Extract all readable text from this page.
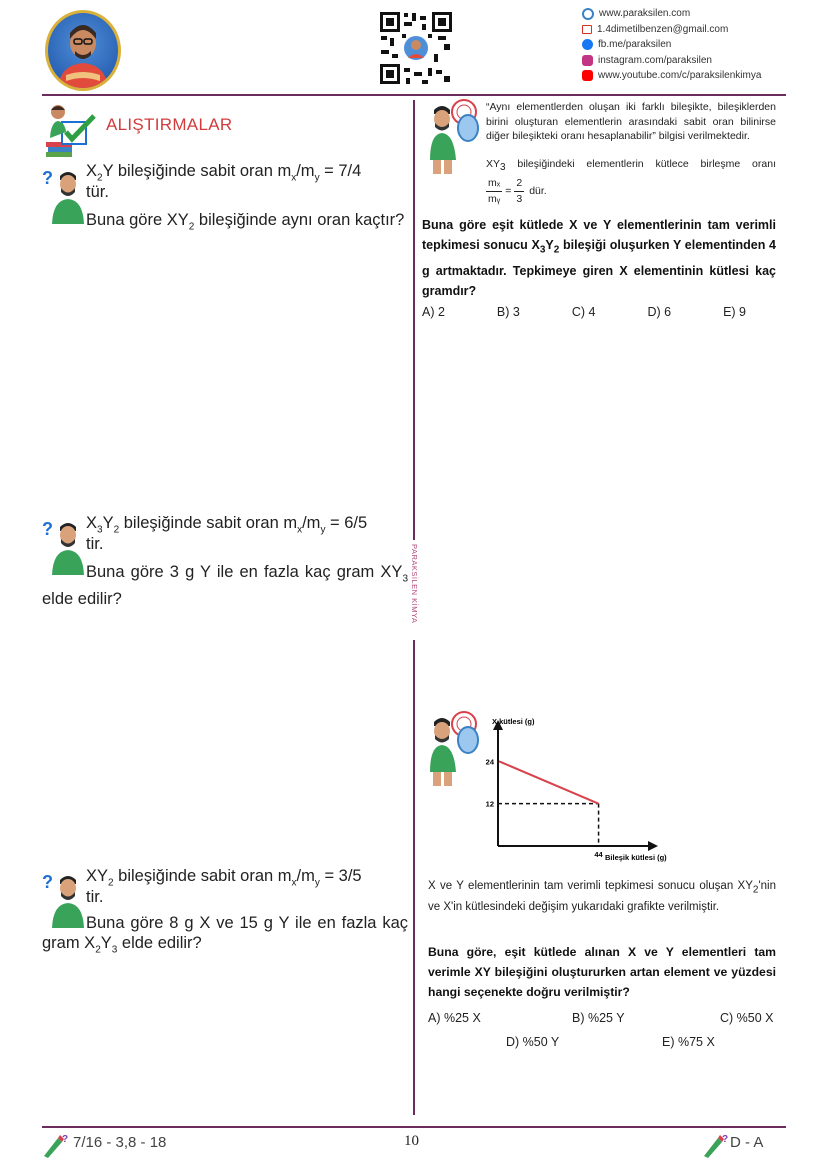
www.paraksilen.com
1.4dimetilbenzen@gmail.com
fb.me/paraksilen
instagram.com/paraksilen
www.youtube.com/c/paraksilenkimya
PARAKSİLEN KİMYA
ALIŞTIRMALAR
? $X_2Y$ bileşiğinde sabit oran $m_x/m_y = 7/4$
tür.
Buna göre $XY_2$ bileşiğinde aynı oran kaçtır?
? $X_3Y_2$ bileşiğinde sabit oran $m_x/m_y = 6/5$
tir.
Buna göre 3 g Y ile en fazla kaç gram $XY_3$ elde edilir?
? $XY_2$ bileşiğinde sabit oran $m_x/m_y = 3/5$
tir.
Buna göre 8 g X ve 15 g Y ile en fazla kaç gram $X_2Y_3$ elde edilir?
“Aynı elementlerden oluşan iki farklı bileşikte, bileşiklerden birini oluşturan elementlerin arasındaki sabit oran bilinirse diğer bileşikteki oranı hesaplanabilir” bilgisi verilmektedir.
$XY_3$ bileşiğindeki elementlerin kütlece birleşme oranı
$\frac{\text{mₓ}}{\text{mᵧ}} = \frac{2}{3}$ dür.
Buna göre eşit kütlede X ve Y elementlerinin tam verimli tepkimesi sonucu $X_3Y_2$ bileşiği oluşurken Y elementinden 4 g artmaktadır. Tepkimeye giren X elementinin kütlesi kaç gramdır?
A) 2	B) 3	C) 4	D) 6	E) 9
X kütlesi (g)
Bileşik kütlesi (g)
24
12
44
X ve Y elementlerinin tam verimli tepkimesi sonucu oluşan $XY_2'nin$ ve X'in kütlesindeki değişim yukarıdaki grafikte verilmiştir.
Buna göre, eşit kütlede alınan X ve Y elementleri tam verimle XY bileşiğini oluştururken artan element ve yüzdesi hangi seçenekte doğru verilmiştir?
A) %25 X	B) %25 Y	C) %50 X
D) %50 Y	E) %75 X
? 7/16 - 3,8 - 18	10	? D - A
